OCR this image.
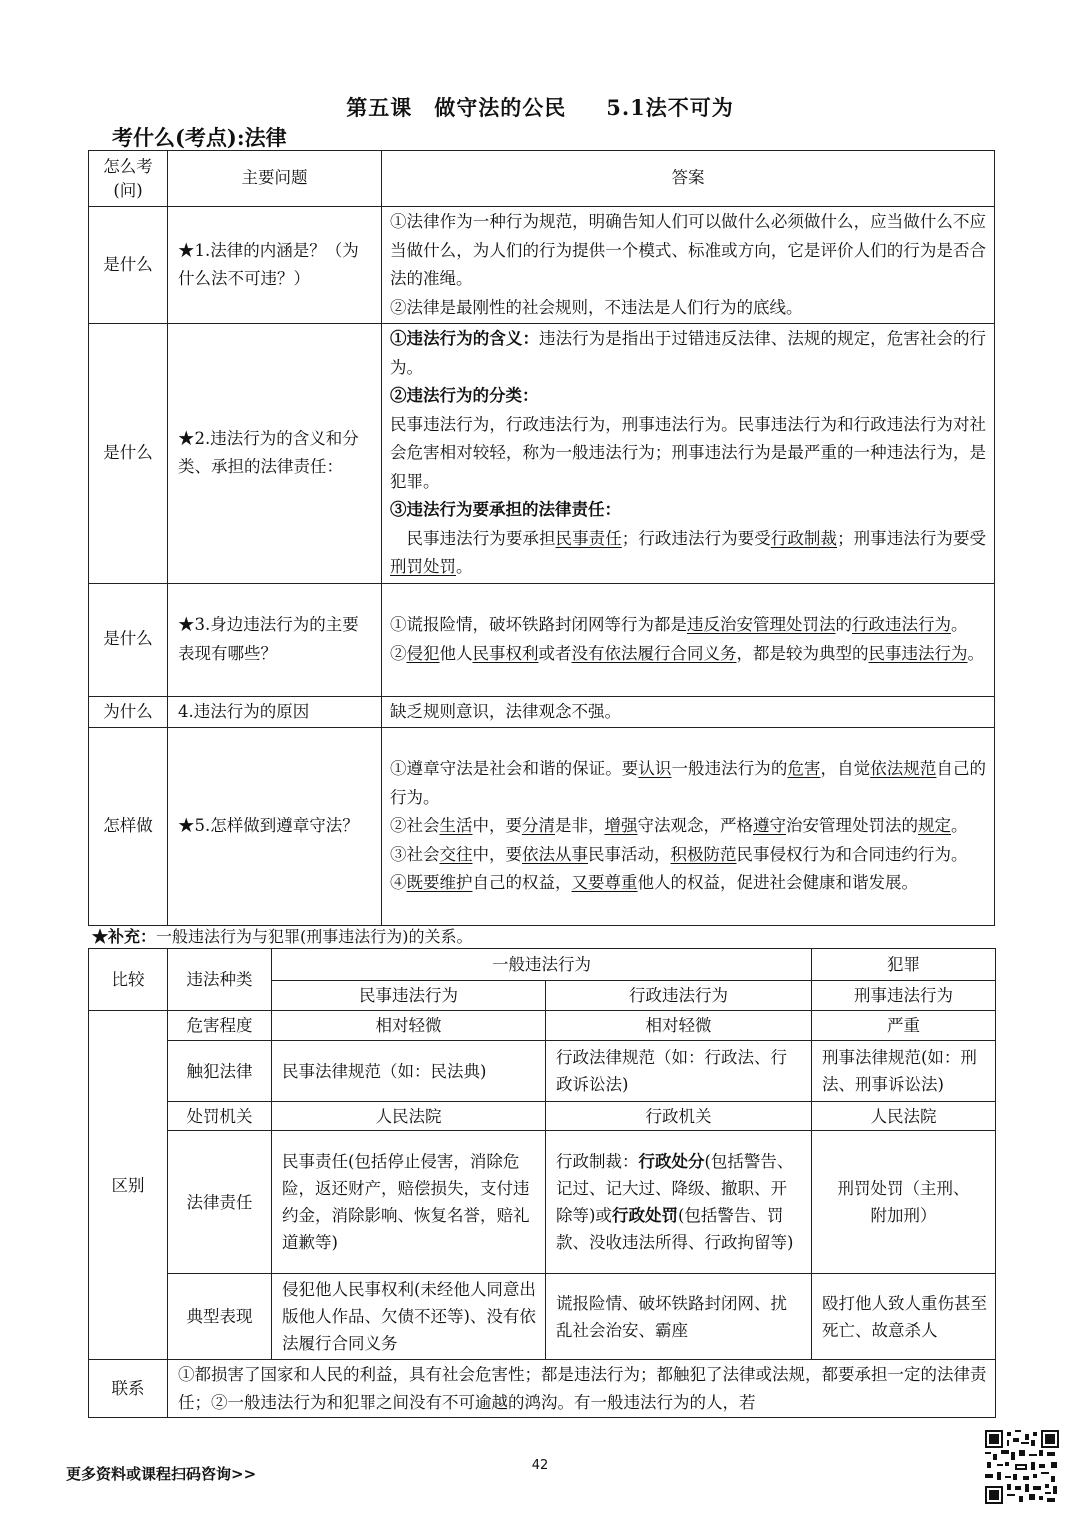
第五课　做守法的公民 5.1法不可为
考什么(考点):法律
怎么考(问)	主要问题	答案
是什么	★1.法律的内涵是？（为什么法不可违？）	①法律作为一种行为规范，明确告知人们可以做什么必须做什么，应当做什么不应当做什么，为人们的行为提供一个模式、标准或方向，它是评价人们的行为是否合法的准绳。
②法律是最刚性的社会规则，不违法是人们行为的底线。

是什么	★2.违法行为的含义和分类、承担的法律责任：	①违法行为的含义：违法行为是指出于过错违反法律、法规的规定，危害社会的行为。
②违法行为的分类：
民事违法行为，行政违法行为，刑事违法行为。民事违法行为和行政违法行为对社会危害相对较轻，称为一般违法行为；刑事违法行为是最严重的一种违法行为，是犯罪。
③违法行为要承担的法律责任：
民事违法行为要承担民事责任；行政违法行为要受行政制裁；刑事违法行为要受刑罚处罚。

是什么	★3.身边违法行为的主要表现有哪些？	①谎报险情，破坏铁路封闭网等行为都是违反治安管理处罚法的行政违法行为。
②侵犯他人民事权利或者没有依法履行合同义务，都是较为典型的民事违法行为。

为什么	4.违法行为的原因	缺乏规则意识，法律观念不强。
怎样做	★5.怎样做到遵章守法？	①遵章守法是社会和谐的保证。要认识一般违法行为的危害，自觉依法规范自己的行为。
②社会生活中，要分清是非，增强守法观念，严格遵守治安管理处罚法的规定。
③社会交往中，要依法从事民事活动，积极防范民事侵权行为和合同违约行为。
④既要维护自己的权益，又要尊重他人的权益，促进社会健康和谐发展。
★补充：一般违法行为与犯罪(刑事违法行为)的关系。
比较	违法种类	一般违法行为		犯罪
		民事违法行为	行政违法行为	刑事违法行为
区别	危害程度	相对轻微	相对轻微	严重
	触犯法律	民事法律规范（如：民法典)	行政法律规范（如：行政法、行政诉讼法)	刑事法律规范(如：刑法、刑事诉讼法)
	处罚机关	人民法院	行政机关	人民法院
	法律责任	民事责任(包括停止侵害，消除危险，返还财产，赔偿损失，支付违约金，消除影响、恢复名誉，赔礼道歉等)	行政制裁：行政处分(包括警告、记过、记大过、降级、撤职、开除等)或行政处罚(包括警告、罚款、没收违法所得、行政拘留等)	刑罚处罚（主刑、附加刑）
	典型表现	侵犯他人民事权利(未经他人同意出版他人作品、欠债不还等)、没有依法履行合同义务	谎报险情、破坏铁路封闭网、扰乱社会治安、霸座	殴打他人致人重伤甚至死亡、故意杀人
联系	①都损害了国家和人民的利益，具有社会危害性；都是违法行为；都触犯了法律或法规，都要承担一定的法律责任；②一般违法行为和犯罪之间没有不可逾越的鸿沟。有一般违法行为的人，若			
更多资料或课程扫码咨询>>	42
